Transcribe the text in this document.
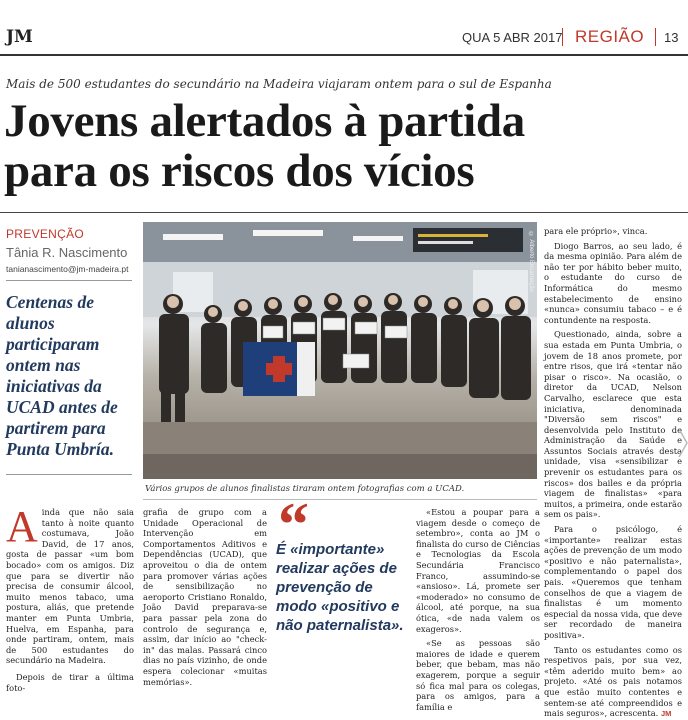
JM	QUA 5 ABR 2017 REGIÃO 13
Mais de 500 estudantes do secundário na Madeira viajaram ontem para o sul de Espanha
Jovens alertados à partida
para os riscos dos vícios
PREVENÇÃO
Tânia R. Nascimento
tanianascimento@jm-madeira.pt
Centenas de alunos participaram ontem nas iniciativas da UCAD antes de partirem para Punta Umbría.
© Alberto Encarnação
Vários grupos de alunos finalistas tiraram ontem fotografias com a UCAD.

Ainda que não saia tanto à noite quanto costumava, João David, de 17 anos, gosta de passar «um bom bocado» com os amigos. Diz que para se divertir não precisa de consumir álcool, muito menos tabaco, uma postura, aliás, que pretende manter em Punta Umbria, Huelva, em Espanha, para onde partiram, ontem, mais de 500 estudantes do secundário na Madeira.

Depois de tirar a última foto-

grafia de grupo com a Unidade Operacional de Intervenção em Comportamentos Aditivos e Dependências (UCAD), que aproveitou o dia de ontem para promover várias ações de sensibilização no aeroporto Cristiano Ronaldo, João David preparava-se para passar pela zona do controlo de segurança e, assim, dar início ao "check-in" das malas. Passará cinco dias no país vizinho, de onde espera colecionar «muitas memórias».

“
É «importante» realizar ações de prevenção de modo «positivo e não paternalista».

«Estou a poupar para a viagem desde o começo de setembro», conta ao JM o finalista do curso de Ciências e Tecnologias da Escola Secundária Francisco Franco, assumindo-se «ansioso». Lá, promete ser «moderado» no consumo de álcool, até porque, na sua ótica, «de nada valem os exageros».

«Se as pessoas são maiores de idade e querem beber, que bebam, mas não exagerem, porque a seguir só fica mal para os colegas, para os amigos, para a família e

para ele próprio», vinca.

Diogo Barros, ao seu lado, é da mesma opinião. Para além de não ter por hábito beber muito, o estudante do curso de Informática do mesmo estabelecimento de ensino «nunca» consumiu tabaco – e é contundente na resposta.

Questionado, ainda, sobre a sua estada em Punta Umbria, o jovem de 18 anos promete, por entre risos, que irá «tentar não pisar o risco». Na ocasião, o diretor da UCAD, Nelson Carvalho, esclarece que esta iniciativa, denominada "Diversão sem riscos" e desenvolvida pelo Instituto de Administração da Saúde e Assuntos Sociais através desta unidade, visa «sensibilizar e prevenir os estudantes para os riscos» dos bailes e da própria viagem de finalistas» «para muitos, a primeira, onde estarão sem os pais».

Para o psicólogo, é «importante» realizar estas ações de prevenção de um modo «positivo e não paternalista», complementando o papel dos pais. «Queremos que tenham conselhos de que a viagem de finalistas é um momento especial da nossa vida, que deve ser recordado de maneira positiva».

Tanto os estudantes como os respetivos pais, por sua vez, «têm aderido muito bem» ao projeto. «Até os pais notamos que estão muito contentes e sentem-se até compreendidos e mais seguros», acrescenta. JM
